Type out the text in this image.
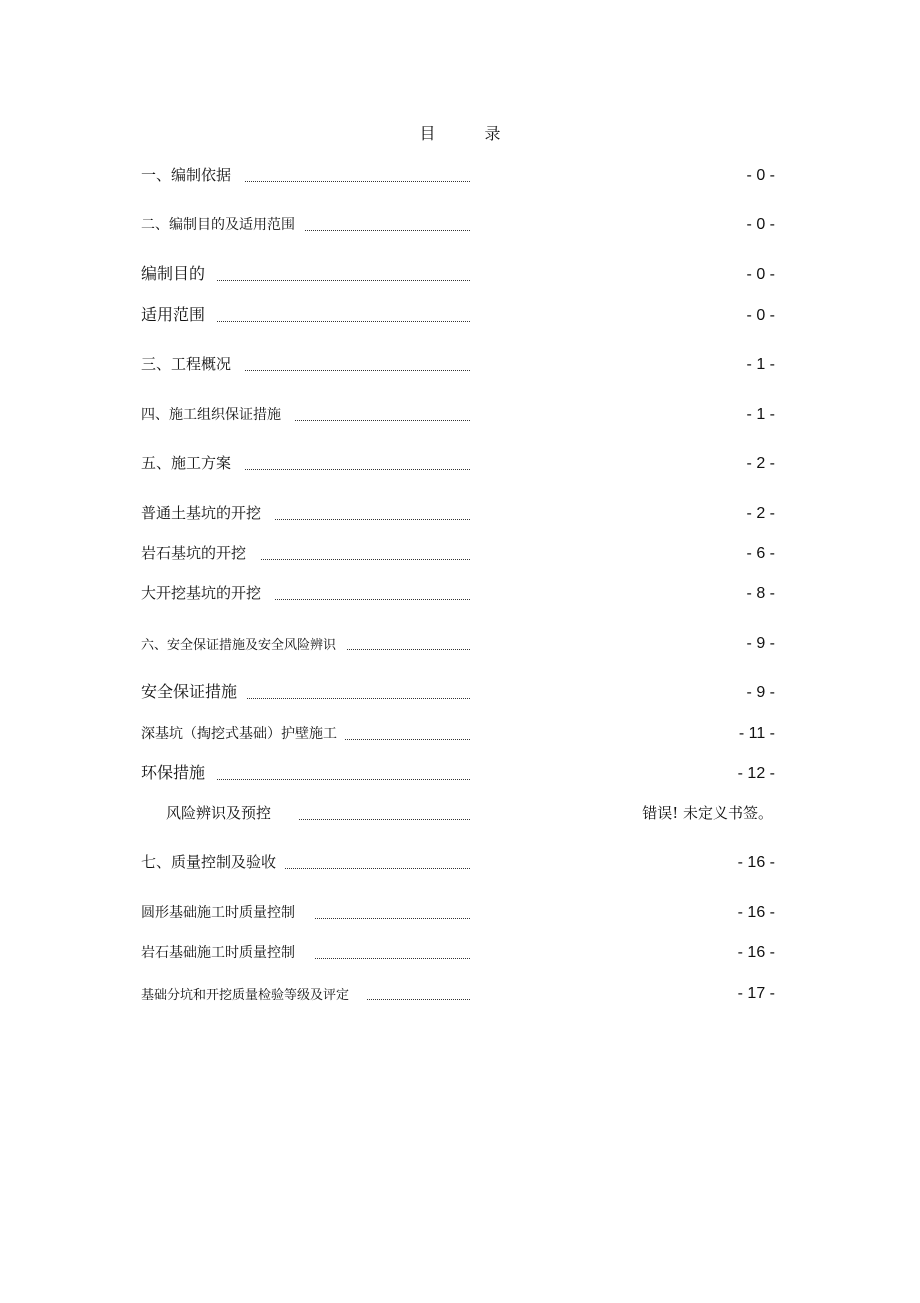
目 录
一、编制依据	- 0 -
二、编制目的及适用范围	- 0 -
编制目的	- 0 -
适用范围	- 0 -
三、工程概况	- 1 -
四、施工组织保证措施	- 1 -
五、施工方案	- 2 -
普通土基坑的开挖	- 2 -
岩石基坑的开挖	- 6 -
大开挖基坑的开挖	- 8 -
六、安全保证措施及安全风险辨识	- 9 -
安全保证措施	- 9 -
深基坑（掏挖式基础）护壁施工	- 11 -
环保措施	- 12 -
风险辨识及预控	错误! 未定义书签。
七、质量控制及验收	- 16 -
圆形基础施工时质量控制	- 16 -
岩石基础施工时质量控制	- 16 -
基础分坑和开挖质量检验等级及评定	- 17 -
